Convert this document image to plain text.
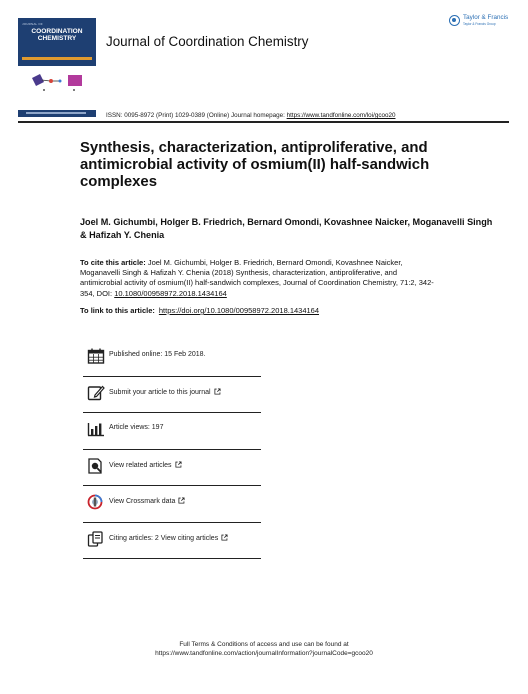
JOURNAL OF
COORDINATION
CHEMISTRY	Journal of Coordination Chemistry
Taylor & Francis
Taylor & Francis Group
ISSN: 0095-8972 (Print) 1029-0389 (Online) Journal homepage: https://www.tandfonline.com/loi/gcoo20
Synthesis, characterization, antiproliferative, and antimicrobial activity of osmium(II) half-sandwich complexes

Joel M. Gichumbi, Holger B. Friedrich, Bernard Omondi, Kovashnee Naicker, Moganavelli Singh & Hafizah Y. Chenia

To cite this article: Joel M. Gichumbi, Holger B. Friedrich, Bernard Omondi, Kovashnee Naicker, Moganavelli Singh & Hafizah Y. Chenia (2018) Synthesis, characterization, antiproliferative, and antimicrobial activity of osmium(II) half-sandwich complexes, Journal of Coordination Chemistry, 71:2, 342-354, DOI: 10.1080/00958972.2018.1434164

To link to this article: https://doi.org/10.1080/00958972.2018.1434164
Published online: 15 Feb 2018.
Submit your article to this journal
Article views: 197
View related articles
View Crossmark data
Citing articles: 2 View citing articles
Full Terms & Conditions of access and use can be found at
https://www.tandfonline.com/action/journalInformation?journalCode=gcoo20
